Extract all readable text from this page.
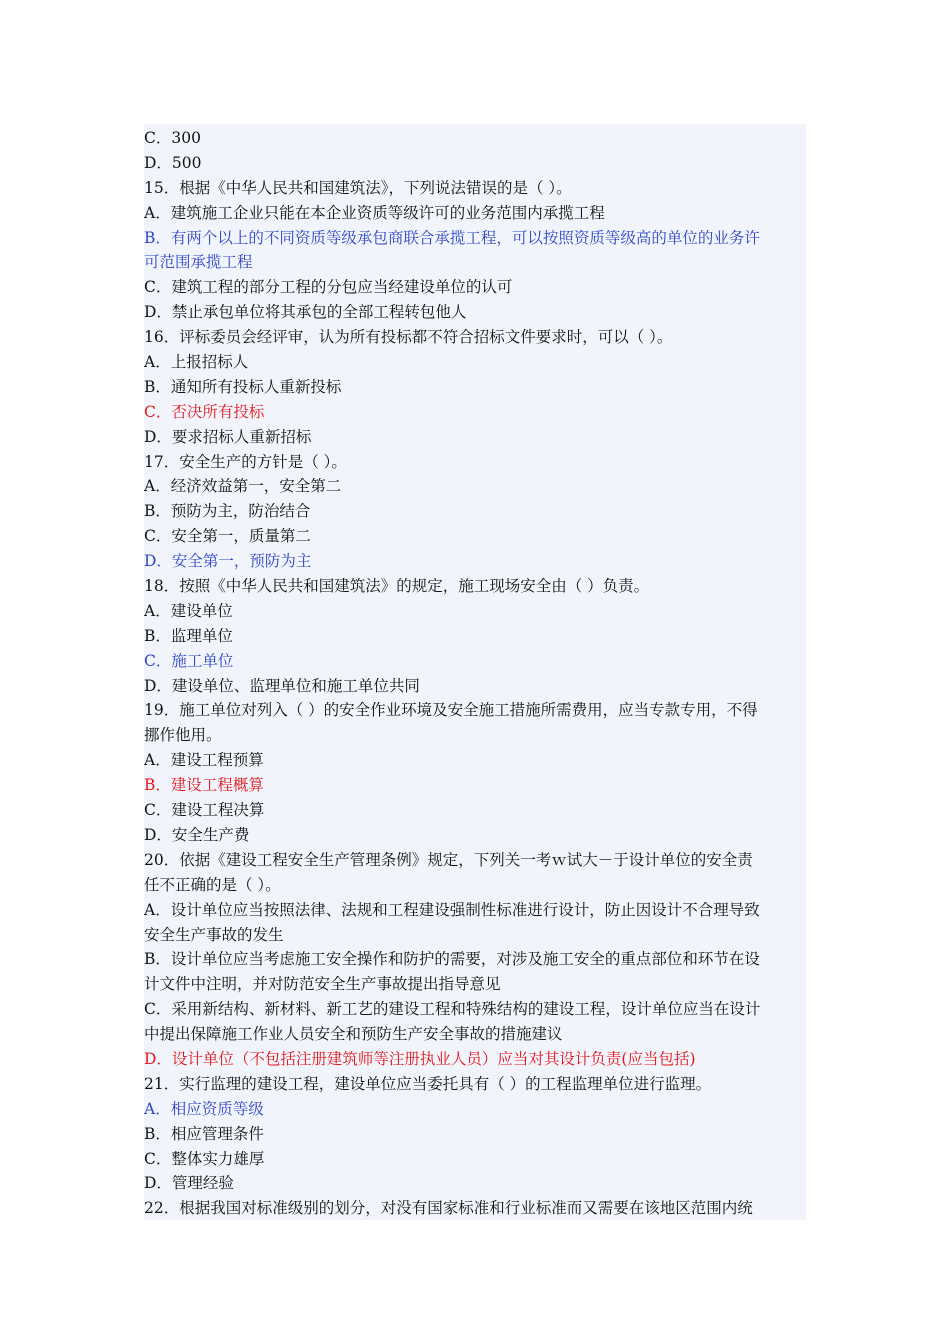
C．300
D．500
15．根据《中华人民共和国建筑法》，下列说法错误的是（ ）。
A．建筑施工企业只能在本企业资质等级许可的业务范围内承揽工程
B．有两个以上的不同资质等级承包商联合承揽工程，可以按照资质等级高的单位的业务许
可范围承揽工程
C．建筑工程的部分工程的分包应当经建设单位的认可
D．禁止承包单位将其承包的全部工程转包他人
16．评标委员会经评审，认为所有投标都不符合招标文件要求时，可以（ ）。
A．上报招标人
B．通知所有投标人重新投标
C．否决所有投标
D．要求招标人重新招标
17．安全生产的方针是（ ）。
A．经济效益第一，安全第二
B．预防为主，防治结合
C．安全第一，质量第二
D．安全第一，预防为主
18．按照《中华人民共和国建筑法》的规定，施工现场安全由（ ）负责。
A．建设单位
B．监理单位
C．施工单位
D．建设单位、监理单位和施工单位共同
19．施工单位对列入（ ）的安全作业环境及安全施工措施所需费用，应当专款专用，不得
挪作他用。
A．建设工程预算
B．建设工程概算
C．建设工程决算
D．安全生产费
20．依据《建设工程安全生产管理条例》规定，下列关一考ｗ试大－于设计单位的安全责
任不正确的是（ ）。
A．设计单位应当按照法律、法规和工程建设强制性标准进行设计，防止因设计不合理导致
安全生产事故的发生
B．设计单位应当考虑施工安全操作和防护的需要，对涉及施工安全的重点部位和环节在设
计文件中注明，并对防范安全生产事故提出指导意见
C．采用新结构、新材料、新工艺的建设工程和特殊结构的建设工程，设计单位应当在设计
中提出保障施工作业人员安全和预防生产安全事故的措施建议
D．设计单位（不包括注册建筑师等注册执业人员）应当对其设计负责(应当包括)
21．实行监理的建设工程，建设单位应当委托具有（ ）的工程监理单位进行监理。
A．相应资质等级
B．相应管理条件
C．整体实力雄厚
D．管理经验
22．根据我国对标准级别的划分，对没有国家标准和行业标准而又需要在该地区范围内统
